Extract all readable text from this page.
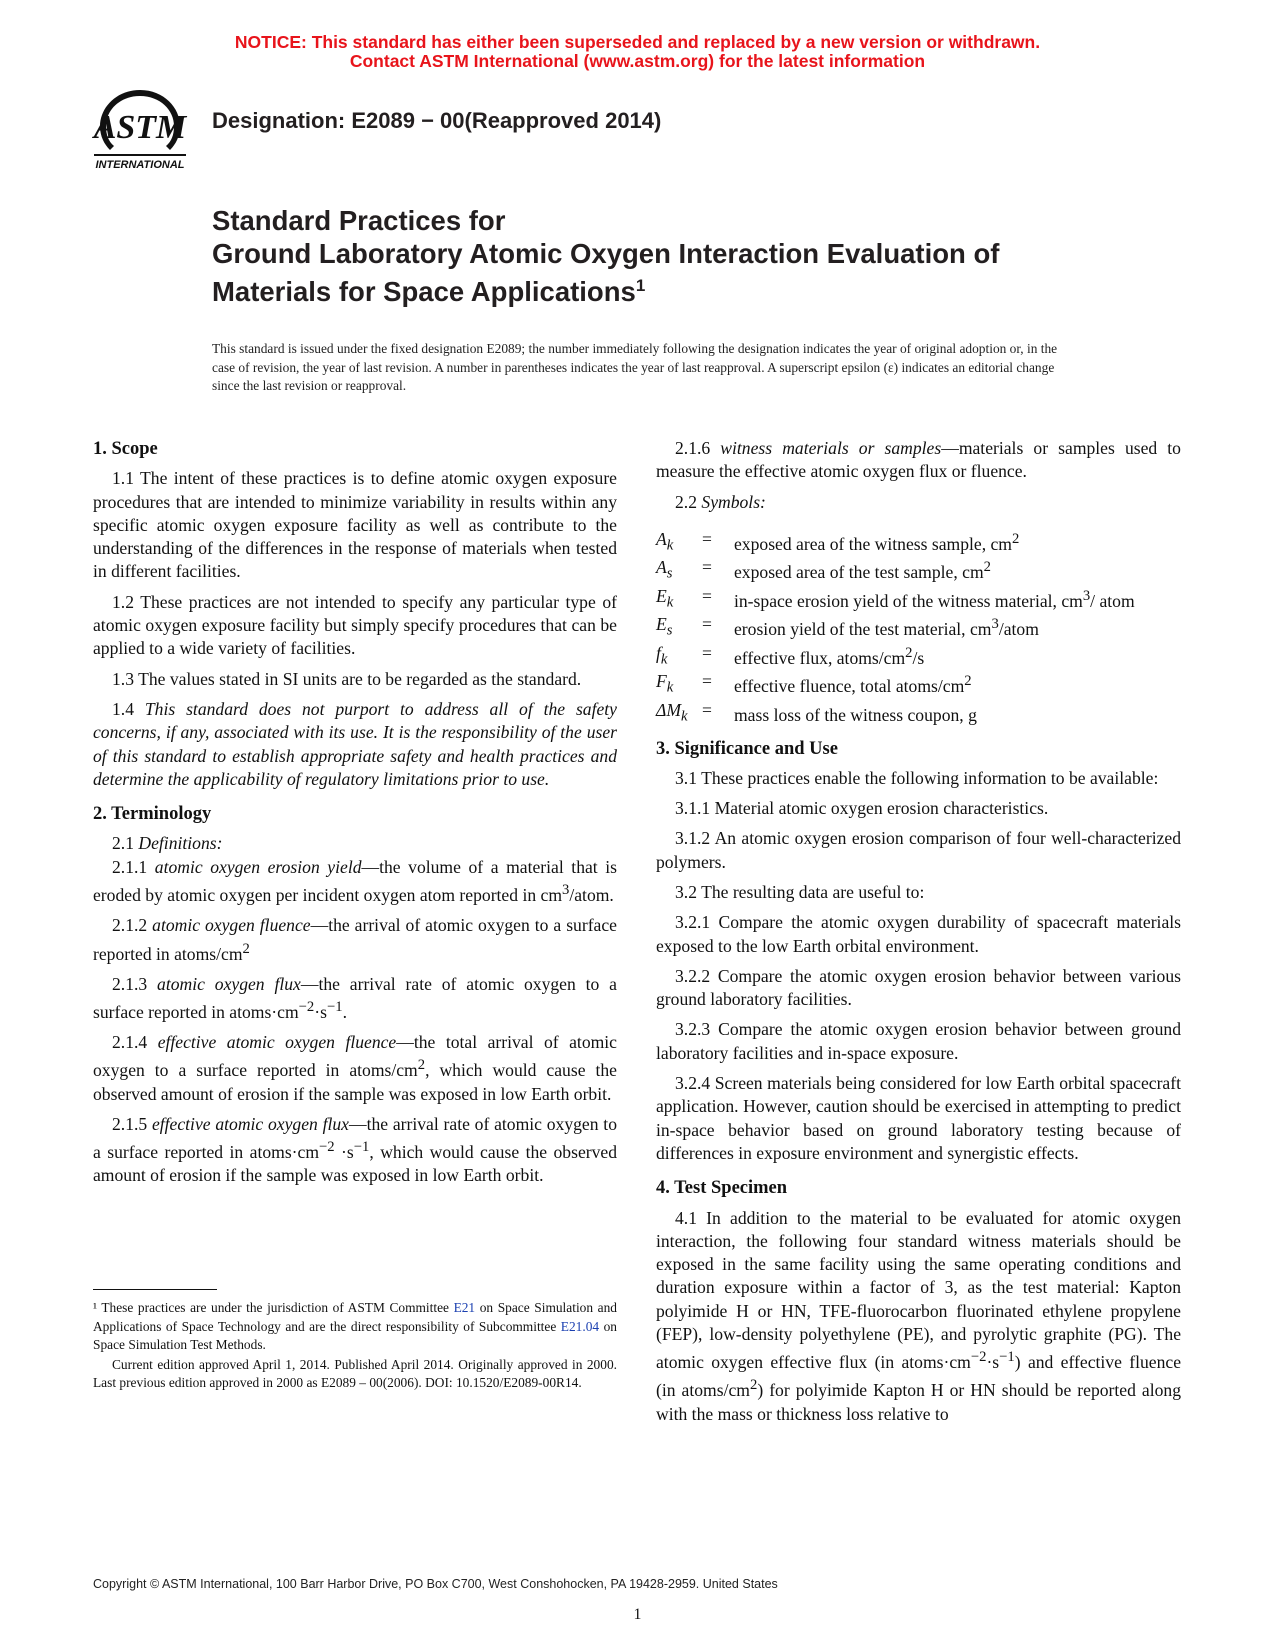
NOTICE: This standard has either been superseded and replaced by a new version or withdrawn.
Contact ASTM International (www.astm.org) for the latest information
ASTM
INTERNATIONAL
Designation: E2089 − 00(Reapproved 2014)
Standard Practices for
Ground Laboratory Atomic Oxygen Interaction Evaluation of
Materials for Space Applications$^1$
This standard is issued under the fixed designation E2089; the number immediately following the designation indicates the year of original adoption or, in the case of revision, the year of last revision. A number in parentheses indicates the year of last reapproval. A superscript epsilon (ε) indicates an editorial change since the last revision or reapproval.
1. Scope

1.1 The intent of these practices is to define atomic oxygen exposure procedures that are intended to minimize variability in results within any specific atomic oxygen exposure facility as well as contribute to the understanding of the differences in the response of materials when tested in different facilities.

1.2 These practices are not intended to specify any particular type of atomic oxygen exposure facility but simply specify procedures that can be applied to a wide variety of facilities.

1.3 The values stated in SI units are to be regarded as the standard.

1.4 This standard does not purport to address all of the safety concerns, if any, associated with its use. It is the responsibility of the user of this standard to establish appropriate safety and health practices and determine the applicability of regulatory limitations prior to use.

2. Terminology

2.1 Definitions:

2.1.1 atomic oxygen erosion yield—the volume of a material that is eroded by atomic oxygen per incident oxygen atom reported in $cm^3$/atom.

2.1.2 atomic oxygen fluence—the arrival of atomic oxygen to a surface reported in atoms/$cm^2$

2.1.3 atomic oxygen flux—the arrival rate of atomic oxygen to a surface reported in $atoms\cdot cm^{-2}\cdot s^{-1}$.

2.1.4 effective atomic oxygen fluence—the total arrival of atomic oxygen to a surface reported in atoms/$cm^2$, which would cause the observed amount of erosion if the sample was exposed in low Earth orbit.

2.1.5 effective atomic oxygen flux—the arrival rate of atomic oxygen to a surface reported in $atoms\cdot cm^{-2} \cdot s^{-1}$, which would cause the observed amount of erosion if the sample was exposed in low Earth orbit.

¹ These practices are under the jurisdiction of ASTM Committee E21 on Space Simulation and Applications of Space Technology and are the direct responsibility of Subcommittee E21.04 on Space Simulation Test Methods.

Current edition approved April 1, 2014. Published April 2014. Originally approved in 2000. Last previous edition approved in 2000 as E2089 – 00(2006). DOI: 10.1520/E2089-00R14.

2.1.6 witness materials or samples—materials or samples used to measure the effective atomic oxygen flux or fluence.

2.2 Symbols:

$A_k$	=	exposed area of the witness sample, $cm^2$
$A_s$	=	exposed area of the test sample, $cm^2$
$E_k$	=	in-space erosion yield of the witness material, $cm^3/$ atom
$E_s$	=	erosion yield of the test material, $cm^3$/atom
$f_k$	=	effective flux, atoms/$cm^2/s$
$F_k$	=	effective fluence, total atoms/$cm^2$
$\Delta M_k$	=	mass loss of the witness coupon, g
3. Significance and Use

3.1 These practices enable the following information to be available:

3.1.1 Material atomic oxygen erosion characteristics.

3.1.2 An atomic oxygen erosion comparison of four well-characterized polymers.

3.2 The resulting data are useful to:

3.2.1 Compare the atomic oxygen durability of spacecraft materials exposed to the low Earth orbital environment.

3.2.2 Compare the atomic oxygen erosion behavior between various ground laboratory facilities.

3.2.3 Compare the atomic oxygen erosion behavior between ground laboratory facilities and in-space exposure.

3.2.4 Screen materials being considered for low Earth orbital spacecraft application. However, caution should be exercised in attempting to predict in-space behavior based on ground laboratory testing because of differences in exposure environment and synergistic effects.

4. Test Specimen

4.1 In addition to the material to be evaluated for atomic oxygen interaction, the following four standard witness materials should be exposed in the same facility using the same operating conditions and duration exposure within a factor of 3, as the test material: Kapton polyimide H or HN, TFE-fluorocarbon fluorinated ethylene propylene (FEP), low-density polyethylene (PE), and pyrolytic graphite (PG). The atomic oxygen effective flux (in $atoms\cdot cm^{-2}\cdot s^{-1}$) and effective fluence (in atoms/$cm^2$) for polyimide Kapton H or HN should be reported along with the mass or thickness loss relative to

Copyright © ASTM International, 100 Barr Harbor Drive, PO Box C700, West Conshohocken, PA 19428-2959. United States
1
